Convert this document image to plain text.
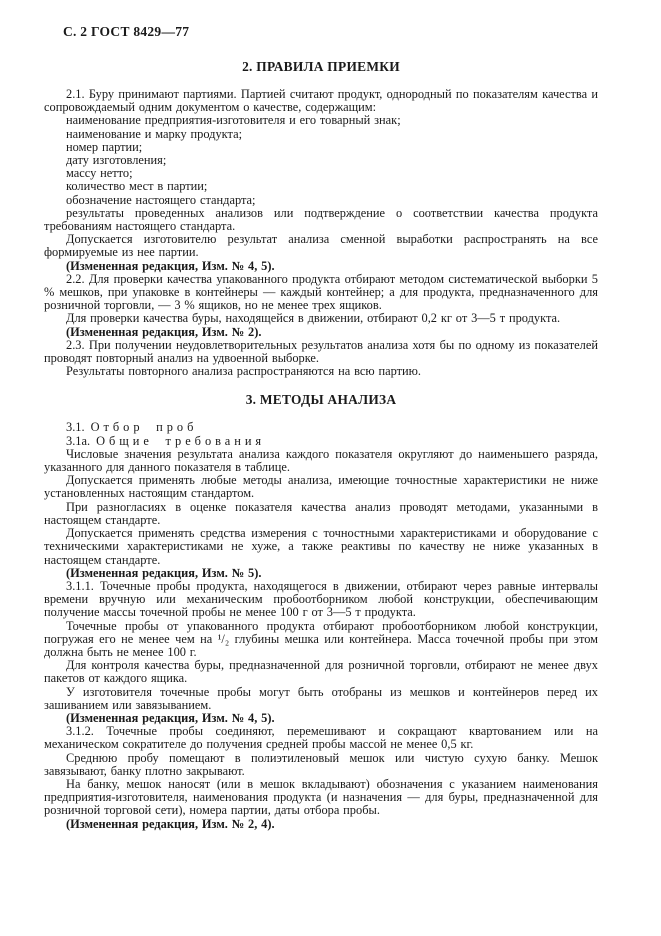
С. 2 ГОСТ 8429—77
2. ПРАВИЛА ПРИЕМКИ

2.1. Буру принимают партиями. Партией считают продукт, однородный по показателям качества и сопровождаемый одним документом о качестве, содержащим:

наименование предприятия-изготовителя и его товарный знак;

наименование и марку продукта;

номер партии;

дату изготовления;

массу нетто;

количество мест в партии;

обозначение настоящего стандарта;

результаты проведенных анализов или подтверждение о соответствии качества продукта требованиям настоящего стандарта.

Допускается изготовителю результат анализа сменной выработки распространять на все формируемые из нее партии.

(Измененная редакция, Изм. № 4, 5).

2.2. Для проверки качества упакованного продукта отбирают методом систематической выборки 5 % мешков, при упаковке в контейнеры — каждый контейнер; а для продукта, предназначенного для розничной торговли, — 3 % ящиков, но не менее трех ящиков.

Для проверки качества буры, находящейся в движении, отбирают 0,2 кг от 3—5 т продукта.

(Измененная редакция, Изм. № 2).

2.3. При получении неудовлетворительных результатов анализа хотя бы по одному из показателей проводят повторный анализ на удвоенной выборке.

Результаты повторного анализа распространяются на всю партию.

3. МЕТОДЫ АНАЛИЗА

3.1. Отбор проб

3.1а. Общие требования

Числовые значения результата анализа каждого показателя округляют до наименьшего разряда, указанного для данного показателя в таблице.

Допускается применять любые методы анализа, имеющие точностные характеристики не ниже установленных настоящим стандартом.

При разногласиях в оценке показателя качества анализ проводят методами, указанными в настоящем стандарте.

Допускается применять средства измерения с точностными характеристиками и оборудование с техническими характеристиками не хуже, а также реактивы по качеству не ниже указанных в настоящем стандарте.

(Измененная редакция, Изм. № 5).

3.1.1. Точечные пробы продукта, находящегося в движении, отбирают через равные интервалы времени вручную или механическим пробоотборником любой конструкции, обеспечивающим получение массы точечной пробы не менее 100 г от 3—5 т продукта.

Точечные пробы от упакованного продукта отбирают пробоотборником любой конструкции, погружая его не менее чем на ¹/₂ глубины мешка или контейнера. Масса точечной пробы при этом должна быть не менее 100 г.

Для контроля качества буры, предназначенной для розничной торговли, отбирают не менее двух пакетов от каждого ящика.

У изготовителя точечные пробы могут быть отобраны из мешков и контейнеров перед их зашиванием или завязыванием.

(Измененная редакция, Изм. № 4, 5).

3.1.2. Точечные пробы соединяют, перемешивают и сокращают квартованием или на механическом сократителе до получения средней пробы массой не менее 0,5 кг.

Среднюю пробу помещают в полиэтиленовый мешок или чистую сухую банку. Мешок завязывают, банку плотно закрывают.

На банку, мешок наносят (или в мешок вкладывают) обозначения с указанием наименования предприятия-изготовителя, наименования продукта (и назначения — для буры, предназначенной для розничной торговой сети), номера партии, даты отбора пробы.

(Измененная редакция, Изм. № 2, 4).
